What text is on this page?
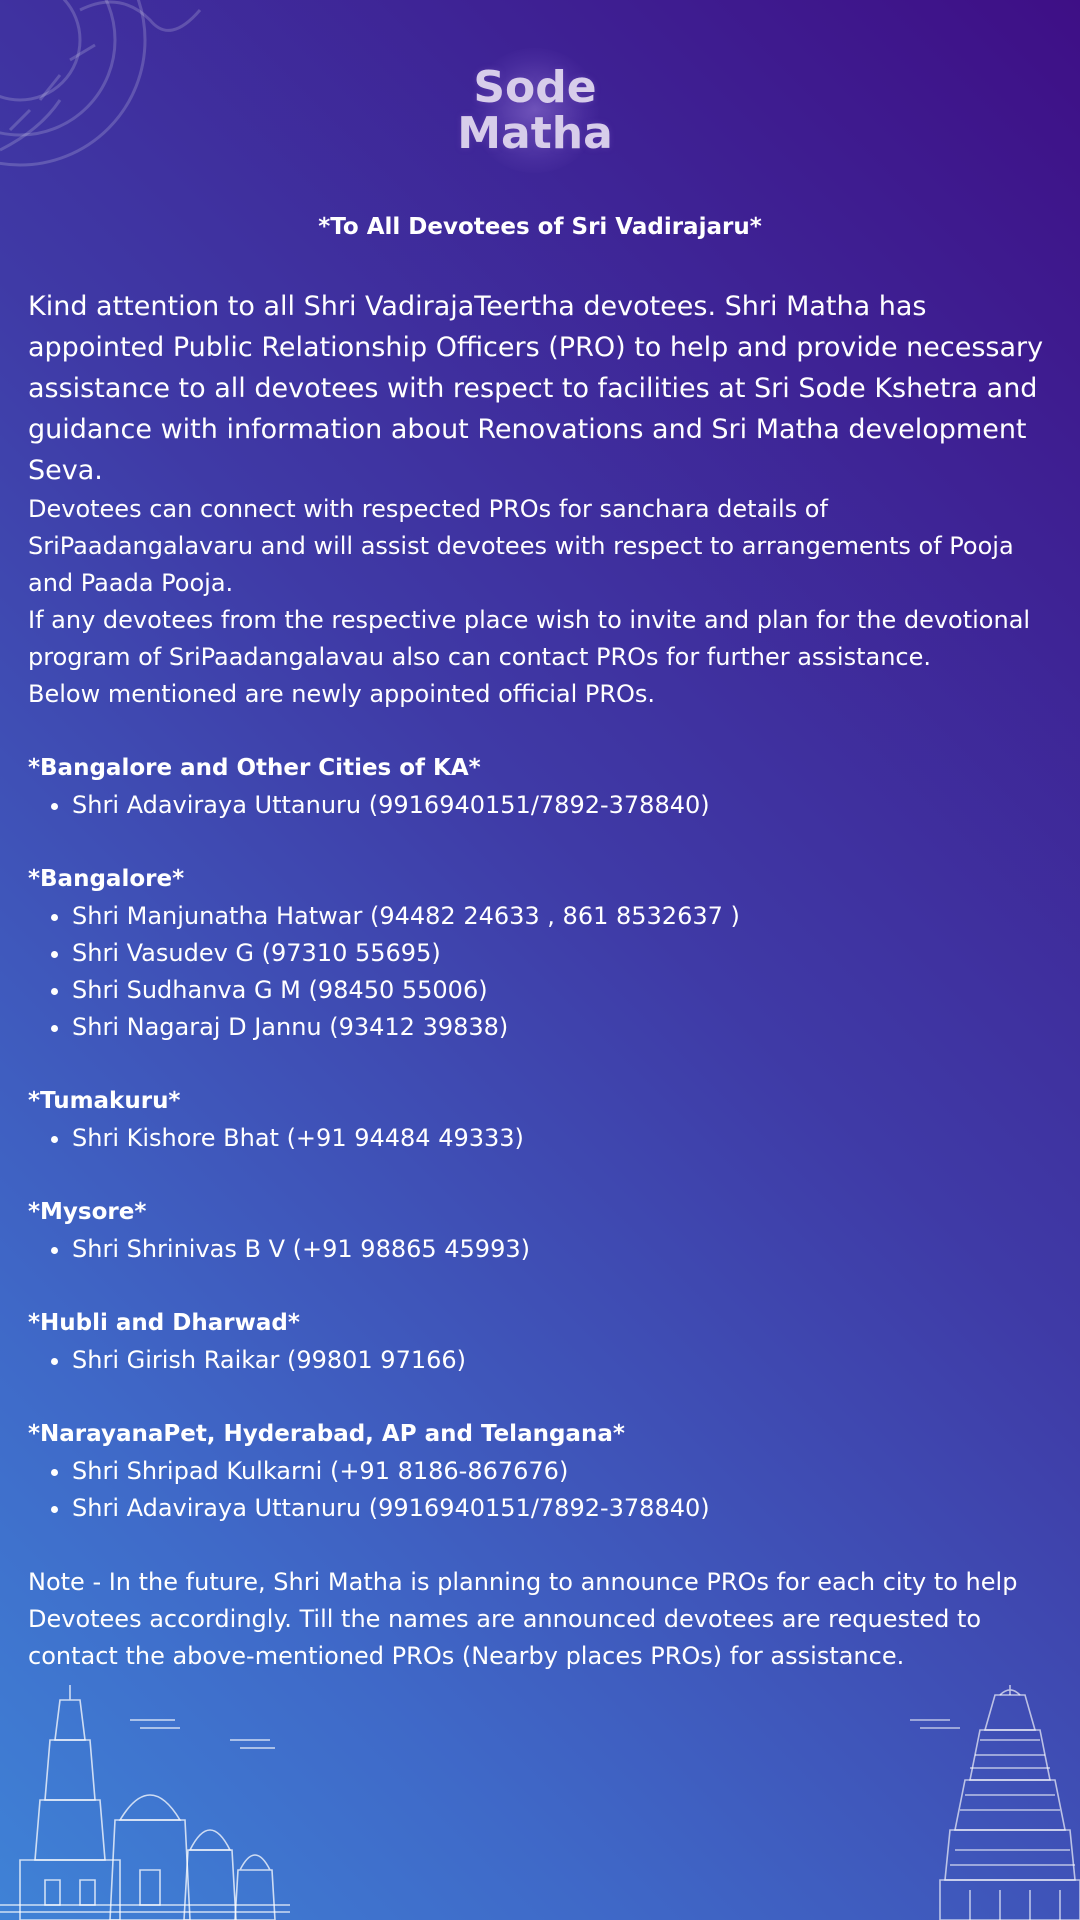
Sode
Matha
*To All Devotees of Sri Vadirajaru*

Kind attention to all Shri VadirajaTeertha devotees. Shri Matha has appointed Public Relationship Officers (PRO) to help and provide necessary assistance to all devotees with respect to facilities at Sri Sode Kshetra and guidance with information about Renovations and Sri Matha development Seva.

Devotees can connect with respected PROs for sanchara details of SriPaadangalavaru and will assist devotees with respect to arrangements of Pooja and Paada Pooja.

If any devotees from the respective place wish to invite and plan for the devotional program of SriPaadangalavau also can contact PROs for further assistance.

Below mentioned are newly appointed official PROs.

*Bangalore and Other Cities of KA*

• Shri Adaviraya Uttanuru (9916940151/7892-378840)

*Bangalore*

• Shri Manjunatha Hatwar (94482 24633 , 861 8532637 )
• Shri Vasudev G (97310 55695)
• Shri Sudhanva G M (98450 55006)
• Shri Nagaraj D Jannu (93412 39838)

*Tumakuru*

• Shri Kishore Bhat (+91 94484 49333)

*Mysore*

• Shri Shrinivas B V (+91 98865 45993)

*Hubli and Dharwad*

• Shri Girish Raikar (99801 97166)

*NarayanaPet, Hyderabad, AP and Telangana*

• Shri Shripad Kulkarni (+91 8186-867676)
• Shri Adaviraya Uttanuru (9916940151/7892-378840)

Note - In the future, Shri Matha is planning to announce PROs for each city to help Devotees accordingly. Till the names are announced devotees are requested to contact the above-mentioned PROs (Nearby places PROs) for assistance.
